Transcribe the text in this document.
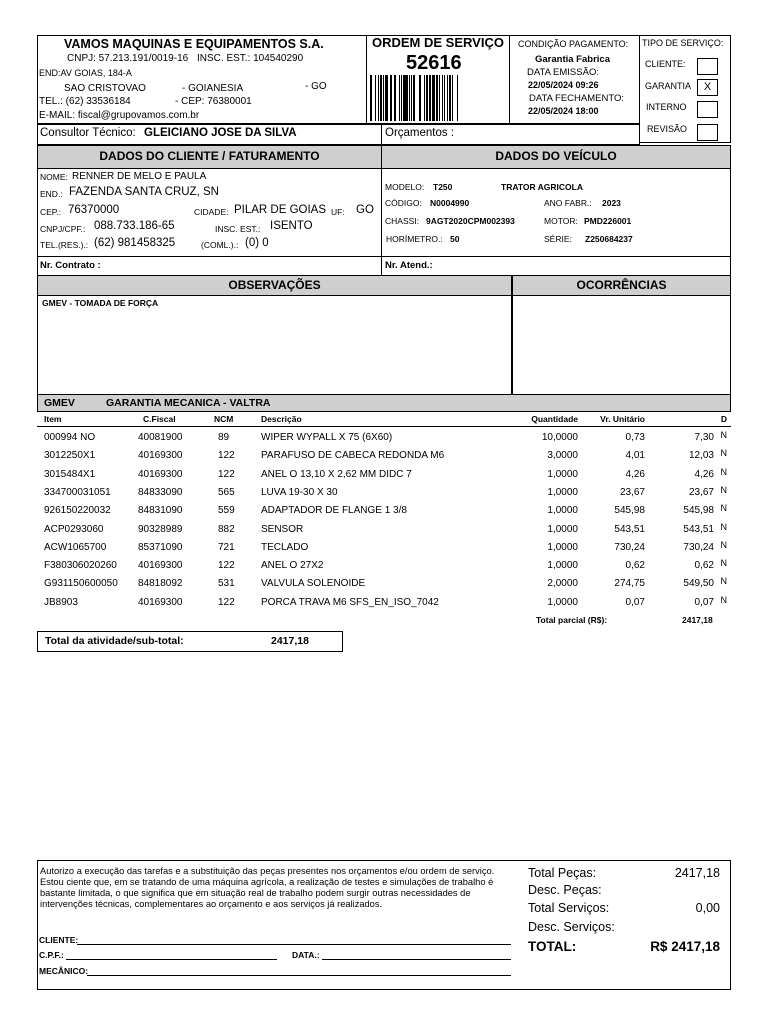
VAMOS MAQUINAS E EQUIPAMENTOS S.A.
CNPJ: 57.213.191/0019-16 INSC. EST.: 104540290
END:AV GOIAS, 184-A
SAO CRISTOVAO	- GOIANESIA	- GO
TEL.: (62) 33536184	- CEP: 76380001
E-MAIL: fiscal@grupovamos.com.br
ORDEM DE SERVIÇO
52616
CONDIÇÃO PAGAMENTO:
Garantia Fabrica
DATA EMISSÃO:
22/05/2024 09:26
DATA FECHAMENTO:
22/05/2024 18:00
TIPO DE SERVIÇO:
CLIENTE:
GARANTIA	X
INTERNO
REVISÃO
Consultor Técnico: GLEICIANO JOSE DA SILVA	Orçamentos :
DADOS DO CLIENTE / FATURAMENTO	DADOS DO VEÍCULO
NOME: RENNER DE MELO E PAULA
END.: FAZENDA SANTA CRUZ, SN
CEP.: 76370000	CIDADE: PILAR DE GOIAS UF: GO
CNPJ/CPF.: 088.733.186-65	INSC. EST.: ISENTO
TEL.(RES.).: (62) 981458325	(COML.).: (0) 0
MODELO: T250	TRATOR AGRICOLA
CÓDIGO: N0004990	ANO FABR.: 2023
CHASSI: 9AGT2020CPM002393	MOTOR: PMD226001
HORÍMETRO.: 50	SÉRIE: Z250684237
Nr. Contrato :	Nr. Atend.:
OBSERVAÇÕES
GMEV - TOMADA DE FORÇA
OCORRÊNCIAS
GMEV	GARANTIA MECANICA - VALTRA
Item	C.Fiscal	NCM	Descrição	Quantidade	Vr. Unitário	D
000994 NO	40081900	89	WIPER WYPALL X 75 (6X60)	10,0000	0,73	7,30 N
3012250X1	40169300	122	PARAFUSO DE CABECA REDONDA M6	3,0000	4,01	12,03 N
3015484X1	40169300	122	ANEL O 13,10 X 2,62 MM DIDC 7	1,0000	4,26	4,26 N
334700031051	84833090	565	LUVA 19-30 X 30	1,0000	23,67	23,67 N
926150220032	84831090	559	ADAPTADOR DE FLANGE 1 3/8	1,0000	545,98	545,98 N
ACP0293060	90328989	882	SENSOR	1,0000	543,51	543,51 N
ACW1065700	85371090	721	TECLADO	1,0000	730,24	730,24 N
F380306020260 40169300	122	ANEL O 27X2	1,0000	0,62	0,62 N
G931150600050 84818092	531	VALVULA SOLENOIDE	2,0000	274,75	549,50 N
JB8903	40169300	122	PORCA TRAVA M6 SFS_EN_ISO_7042	1,0000	0,07	0,07 N
Total parcial (R$):	2417,18
Total da atividade/sub-total:	2417,18
Autorizo a execução das tarefas e a substituição das peças presentes nos orçamentos e/ou ordem de serviço. Estou ciente que, em se tratando de uma máquina agrícola, a realização de testes e simulações de trabalho é bastante limitada, o que significa que em situação real de trabalho podem surgir outras necessidades de intervenções técnicas, complementares ao orçamento e aos serviços já realizados.
CLIENTE:
C.P.F.:	DATA.:
MECÂNICO:
Total Peças:	2417,18
Desc. Peças:
Total Serviços:	0,00
Desc. Serviços:
TOTAL:	R$ 2417,18
